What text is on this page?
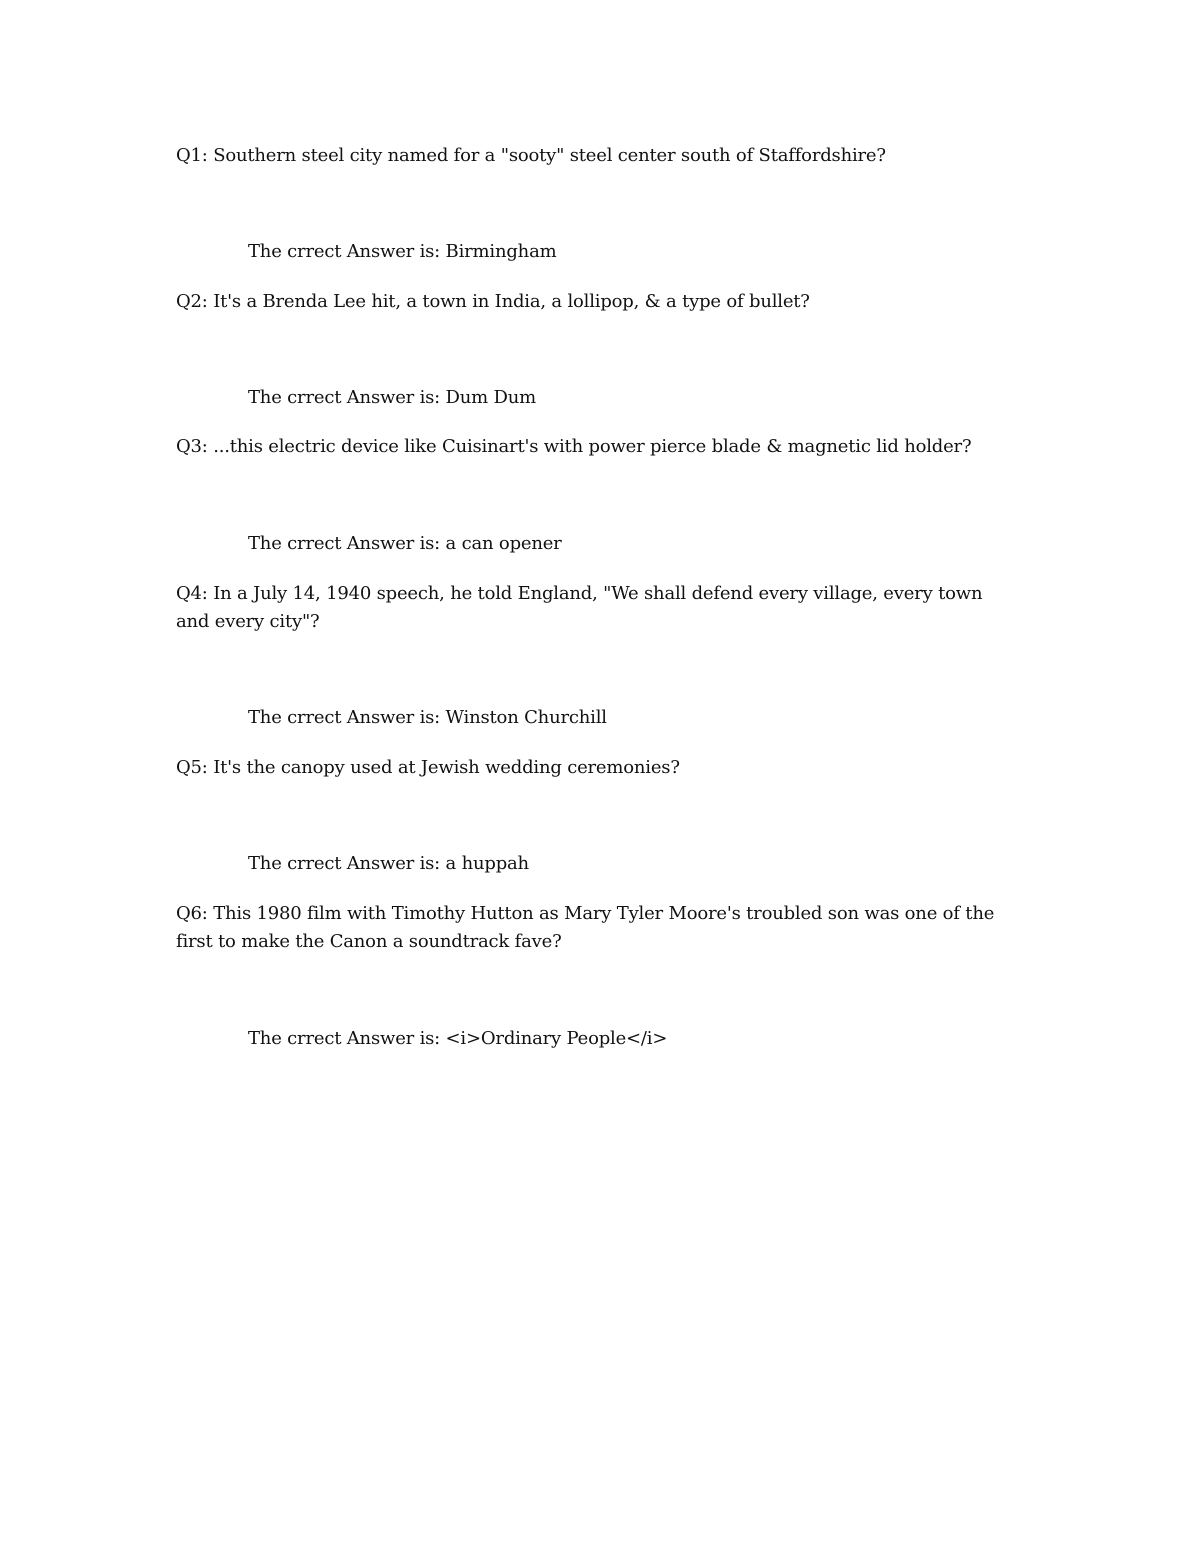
Q1: Southern steel city named for a "sooty" steel center south of Staffordshire?

The crrect Answer is: Birmingham

Q2: It's a Brenda Lee hit, a town in India, a lollipop, & a type of bullet?

The crrect Answer is: Dum Dum

Q3: ...this electric device like Cuisinart's with power pierce blade & magnetic lid holder?

The crrect Answer is: a can opener

Q4: In a July 14, 1940 speech, he told England, "We shall defend every village, every town

and every city"?

The crrect Answer is: Winston Churchill

Q5: It's the canopy used at Jewish wedding ceremonies?

The crrect Answer is: a huppah

Q6: This 1980 film with Timothy Hutton as Mary Tyler Moore's troubled son was one of the

first to make the Canon a soundtrack fave?

The crrect Answer is: <i>Ordinary People</i>
